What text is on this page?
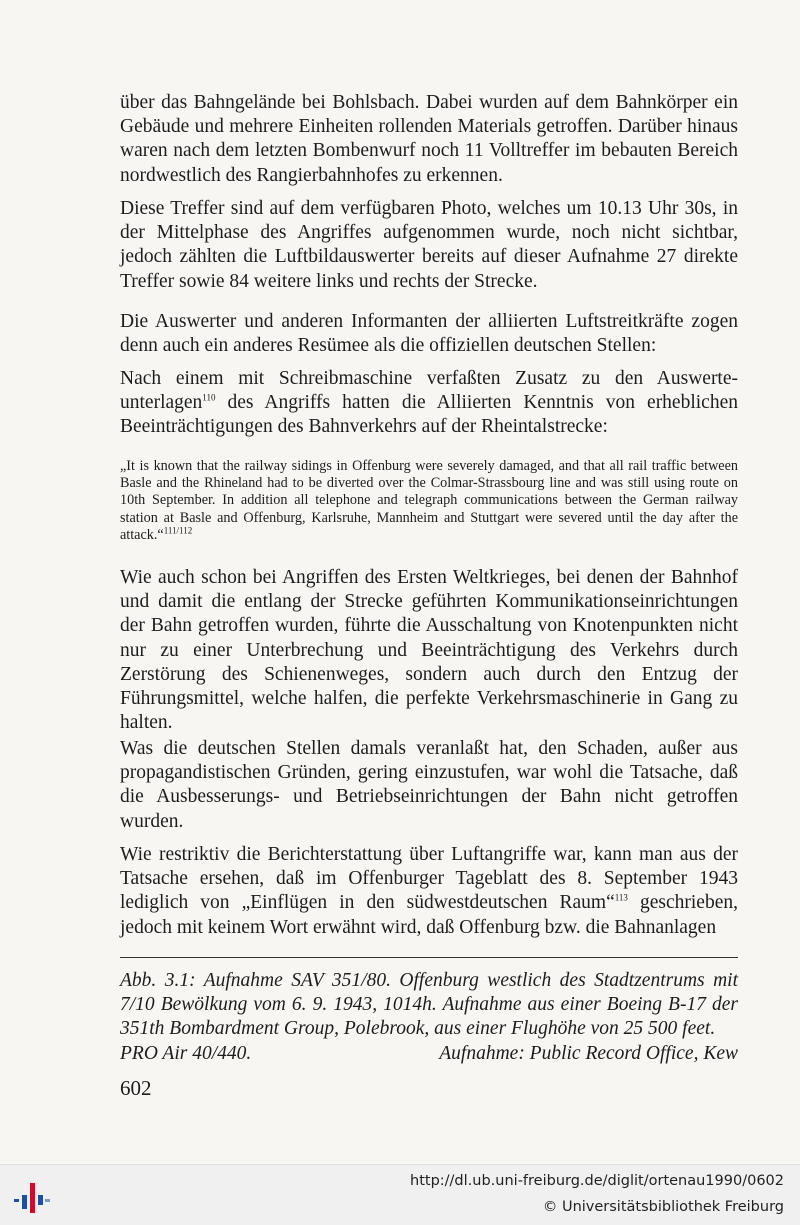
über das Bahngelände bei Bohlsbach. Dabei wurden auf dem Bahnkörper ein Gebäude und mehrere Einheiten rollenden Materials getroffen. Darüber hinaus waren nach dem letzten Bombenwurf noch 11 Volltreffer im bebauten Bereich nordwestlich des Rangierbahnhofes zu erkennen.

Diese Treffer sind auf dem verfügbaren Photo, welches um 10.13 Uhr 30s, in der Mittelphase des Angriffes aufgenommen wurde, noch nicht sichtbar, jedoch zählten die Luftbildauswerter bereits auf dieser Aufnahme 27 direkte Treffer sowie 84 weitere links und rechts der Strecke.

Die Auswerter und anderen Informanten der alliierten Luftstreitkräfte zogen denn auch ein anderes Resümee als die offiziellen deutschen Stellen:

Nach einem mit Schreibmaschine verfaßten Zusatz zu den Auswerte-unterlagen$^{110}$ des Angriffs hatten die Alliierten Kenntnis von erheblichen Beeinträchtigungen des Bahnverkehrs auf der Rheintalstrecke:

„It is known that the railway sidings in Offenburg were severely damaged, and that all rail traffic between Basle and the Rhineland had to be diverted over the Colmar-Strassbourg line and was still using route on 10th September. In addition all telephone and telegraph communications between the German railway station at Basle and Offenburg, Karlsruhe, Mannheim and Stuttgart were severed until the day after the attack.“$^{111/112}$

Wie auch schon bei Angriffen des Ersten Weltkrieges, bei denen der Bahnhof und damit die entlang der Strecke geführten Kommunikationseinrichtungen der Bahn getroffen wurden, führte die Ausschaltung von Knotenpunkten nicht nur zu einer Unterbrechung und Beeinträchtigung des Verkehrs durch Zerstörung des Schienenweges, sondern auch durch den Entzug der Führungsmittel, welche halfen, die perfekte Verkehrsmaschinerie in Gang zu halten.

Was die deutschen Stellen damals veranlaßt hat, den Schaden, außer aus propagandistischen Gründen, gering einzustufen, war wohl die Tatsache, daß die Ausbesserungs- und Betriebseinrichtungen der Bahn nicht getroffen wurden.

Wie restriktiv die Berichterstattung über Luftangriffe war, kann man aus der Tatsache ersehen, daß im Offenburger Tageblatt des 8. September 1943 lediglich von „Einflügen in den südwestdeutschen Raum“$^{113}$ geschrieben, jedoch mit keinem Wort erwähnt wird, daß Offenburg bzw. die Bahnanlagen

Abb. 3.1: Aufnahme SAV 351/80. Offenburg westlich des Stadtzentrums mit 7/10 Bewölkung vom 6. 9. 1943, 1014h. Aufnahme aus einer Boeing B-17 der 351th Bombardment Group, Polebrook, aus einer Flughöhe von 25 500 feet.
PRO Air 40/440.	Aufnahme: Public Record Office, Kew
602
http://dl.ub.uni-freiburg.de/diglit/ortenau1990/0602
© Universitätsbibliothek Freiburg
